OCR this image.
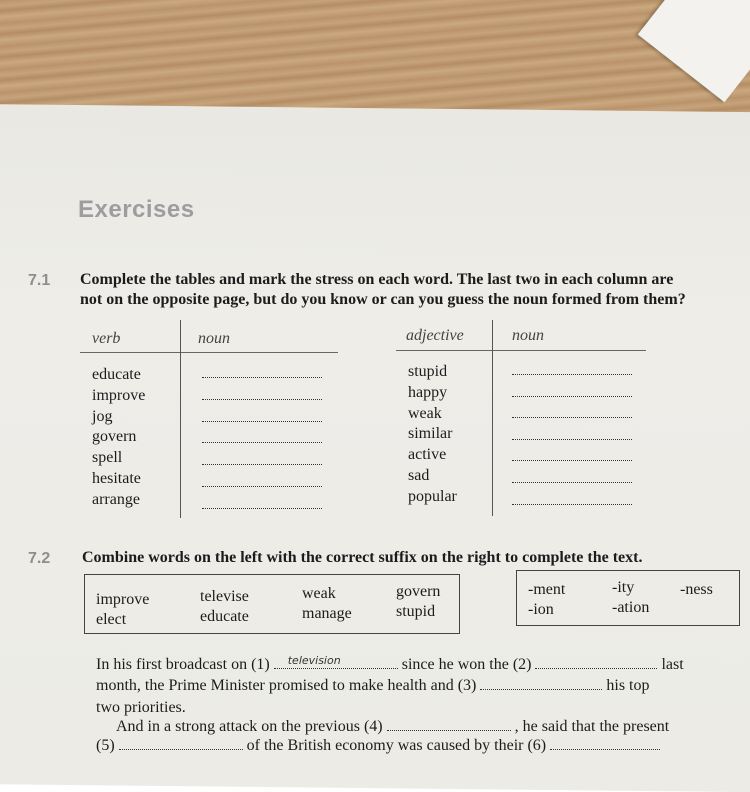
Exercises
7.1 Complete the tables and mark the stress on each word. The last two in each column are
not on the opposite page, but do you know or can you guess the noun formed from them?
verb	noun
educate
improve
jog
govern
spell
hesitate
arrange
adjective	noun
stupid
happy
weak
similar
active
sad
popular
7.2 Combine words on the left with the correct suffix on the right to complete the text.
improve
elect
televise
educate
weak
manage
govern
stupid
-ment
-ion
-ity
-ation
-ness
In his first broadcast on (1) television	since he won the (2)	last
month, the Prime Minister promised to make health and (3)	his top
two priorities.
And in a strong attack on the previous (4)	, he said that the present
(5)	of the British economy was caused by their (6)
